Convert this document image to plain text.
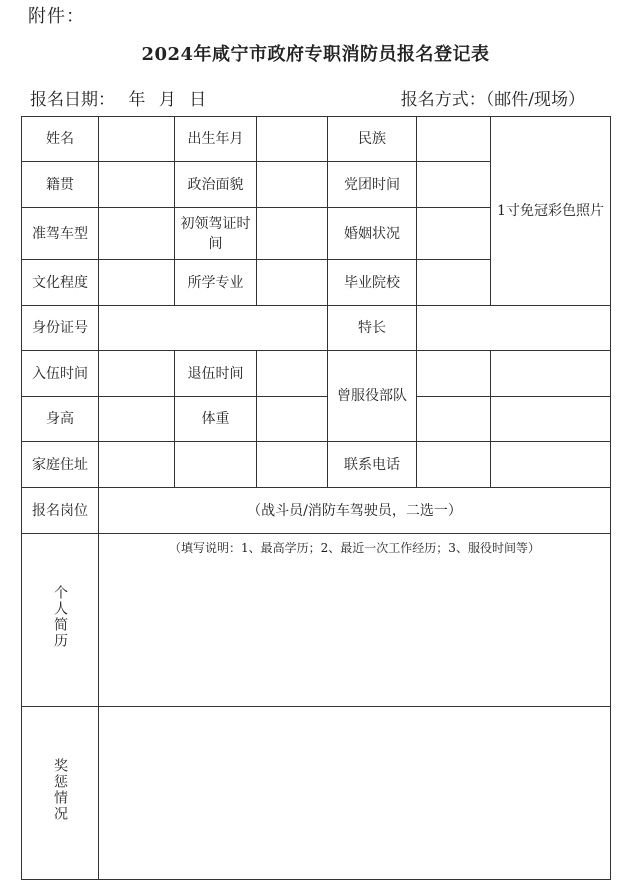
附件：
2024年咸宁市政府专职消防员报名登记表
报名日期： 年 月 日	报名方式：（邮件/现场）
姓名		出生年月		民族		1寸免冠彩色照片
籍贯		政治面貌		党团时间		
准驾车型		初领驾证时间		婚姻状况		
文化程度		所学专业		毕业院校		
身份证号				特长		
入伍时间		退伍时间		曾服役部队		
身高		体重				
家庭住址				联系电话		
报名岗位	（战斗员/消防车驾驶员，二选一）					
个人简历	（填写说明：1、最高学历；2、最近一次工作经历；3、服役时间等）					
奖惩情况						
